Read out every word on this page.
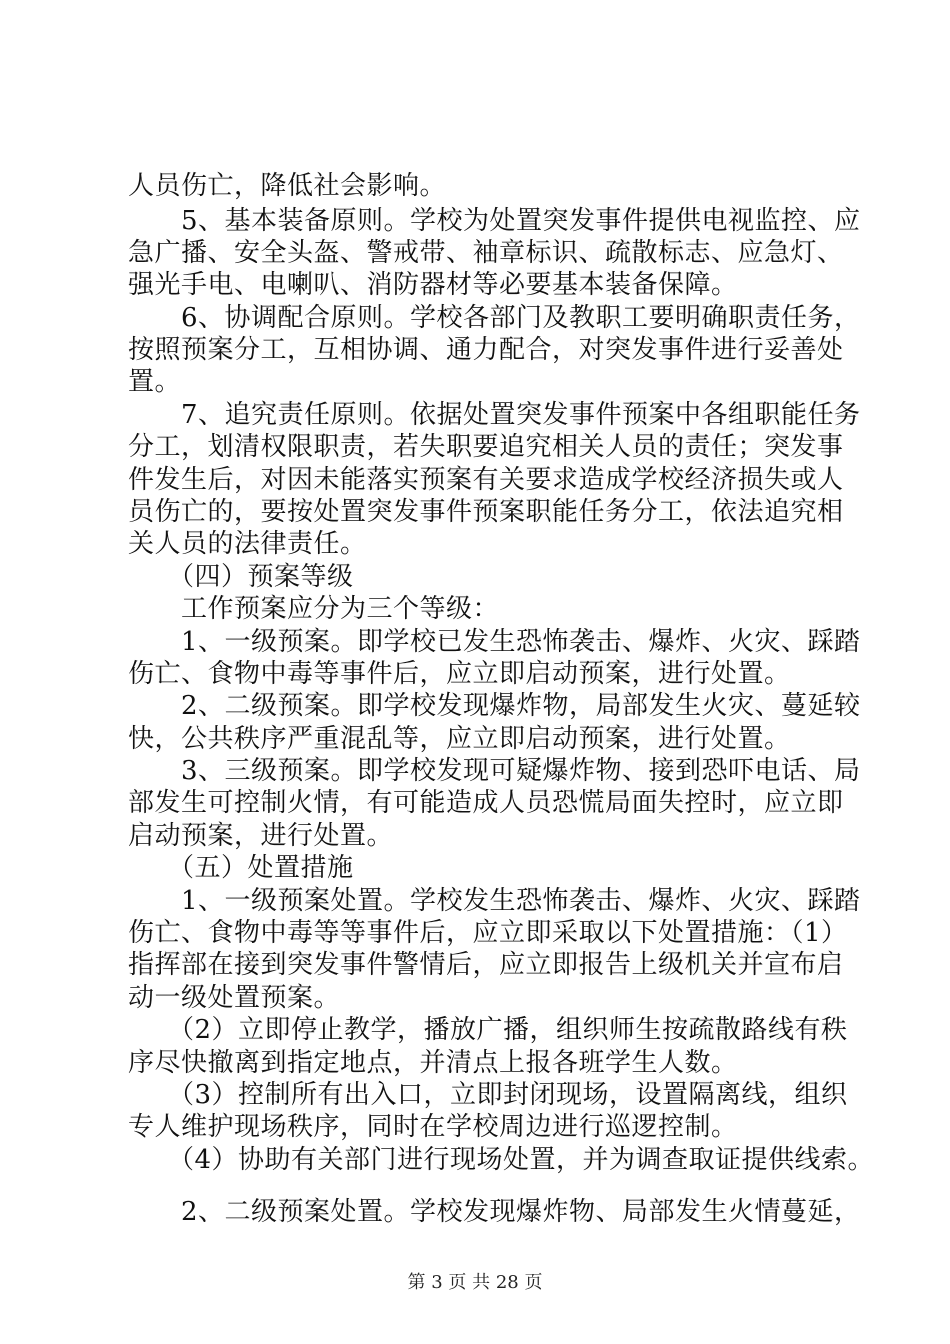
人员伤亡，降低社会影响。
　　5、基本装备原则。学校为处置突发事件提供电视监控、应
急广播、安全头盔、警戒带、袖章标识、疏散标志、应急灯、
强光手电、电喇叭、消防器材等必要基本装备保障。
　　6、协调配合原则。学校各部门及教职工要明确职责任务，
按照预案分工，互相协调、通力配合，对突发事件进行妥善处
置。
　　7、追究责任原则。依据处置突发事件预案中各组职能任务
分工，划清权限职责，若失职要追究相关人员的责任；突发事
件发生后，对因未能落实预案有关要求造成学校经济损失或人
员伤亡的，要按处置突发事件预案职能任务分工，依法追究相
关人员的法律责任。
　　（四）预案等级
　　工作预案应分为三个等级：
　　1、一级预案。即学校已发生恐怖袭击、爆炸、火灾、踩踏
伤亡、食物中毒等事件后，应立即启动预案，进行处置。
　　2、二级预案。即学校发现爆炸物，局部发生火灾、蔓延较
快，公共秩序严重混乱等，应立即启动预案，进行处置。
　　3、三级预案。即学校发现可疑爆炸物、接到恐吓电话、局
部发生可控制火情，有可能造成人员恐慌局面失控时，应立即
启动预案，进行处置。
　　（五）处置措施
　　1、一级预案处置。学校发生恐怖袭击、爆炸、火灾、踩踏
伤亡、食物中毒等等事件后，应立即采取以下处置措施：（1）
指挥部在接到突发事件警情后，应立即报告上级机关并宣布启
动一级处置预案。
　　（2）立即停止教学，播放广播，组织师生按疏散路线有秩
序尽快撤离到指定地点，并清点上报各班学生人数。
　　（3）控制所有出入口，立即封闭现场，设置隔离线，组织
专人维护现场秩序，同时在学校周边进行巡逻控制。
　　（4）协助有关部门进行现场处置，并为调查取证提供线索。
　　2、二级预案处置。学校发现爆炸物、局部发生火情蔓延，
第 3 页 共 28 页
